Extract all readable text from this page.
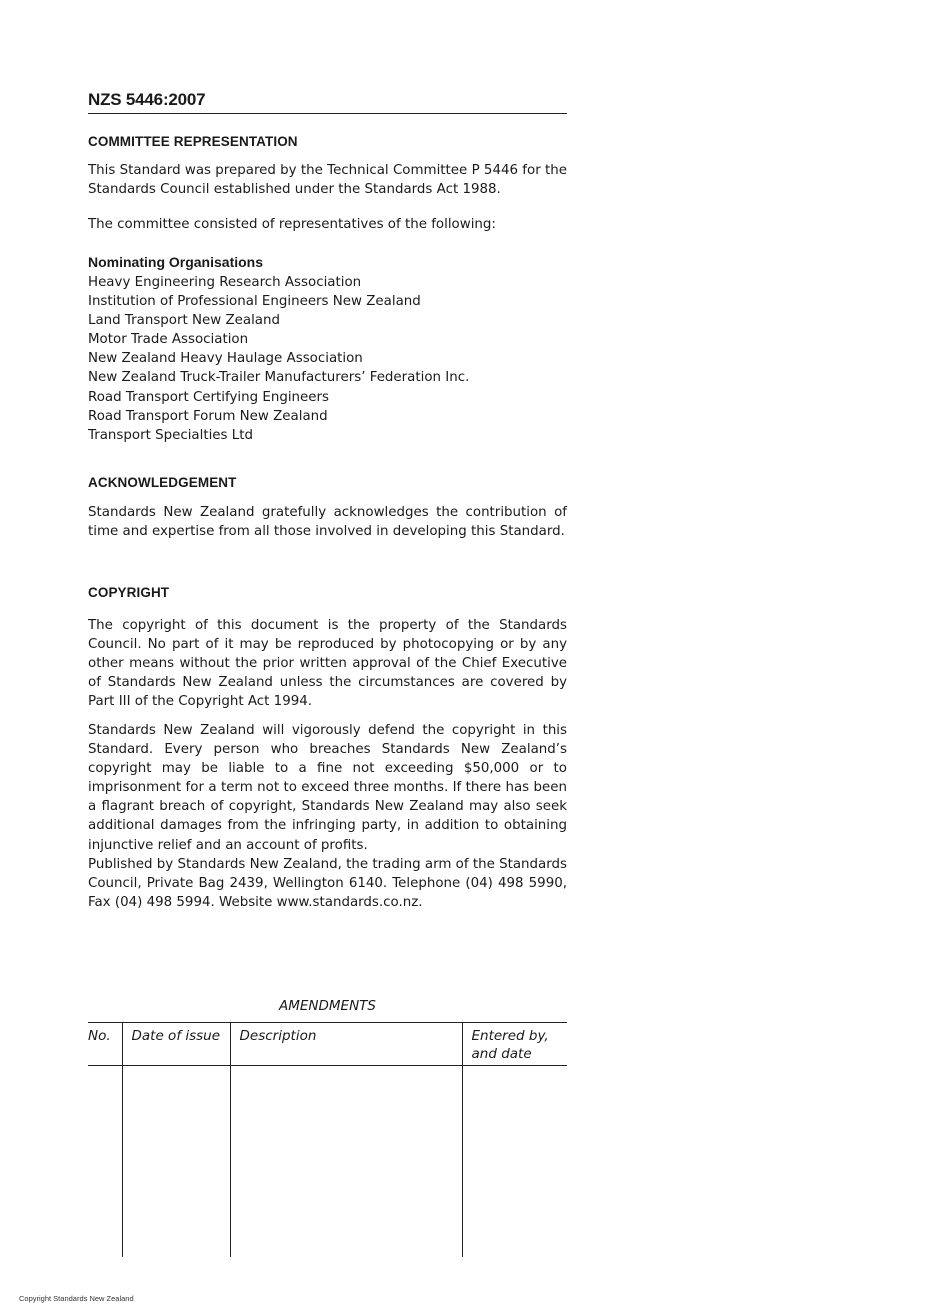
NZS 5446:2007
COMMITTEE REPRESENTATION

This Standard was prepared by the Technical Committee P 5446 for the Standards Council established under the Standards Act 1988.

The committee consisted of representatives of the following:

Nominating Organisations
Heavy Engineering Research Association
Institution of Professional Engineers New Zealand
Land Transport New Zealand
Motor Trade Association
New Zealand Heavy Haulage Association
New Zealand Truck-Trailer Manufacturers’ Federation Inc.
Road Transport Certifying Engineers
Road Transport Forum New Zealand
Transport Specialties Ltd
ACKNOWLEDGEMENT

Standards New Zealand gratefully acknowledges the contribution of time and expertise from all those involved in developing this Standard.

COPYRIGHT

The copyright of this document is the property of the Standards Council. No part of it may be reproduced by photocopying or by any other means without the prior written approval of the Chief Executive of Standards New Zealand unless the circumstances are covered by Part III of the Copyright Act 1994.

Standards New Zealand will vigorously defend the copyright in this Standard. Every person who breaches Standards New Zealand’s copyright may be liable to a fine not exceeding $50,000 or to imprisonment for a term not to exceed three months. If there has been a flagrant breach of copyright, Standards New Zealand may also seek additional damages from the infringing party, in addition to obtaining injunctive relief and an account of profits.

Published by Standards New Zealand, the trading arm of the Standards Council, Private Bag 2439, Wellington 6140. Telephone (04) 498 5990, Fax (04) 498 5994. Website www.standards.co.nz.

AMENDMENTS
No.	Date of issue	Description	Entered by, and date

Copyright Standards New Zealand
